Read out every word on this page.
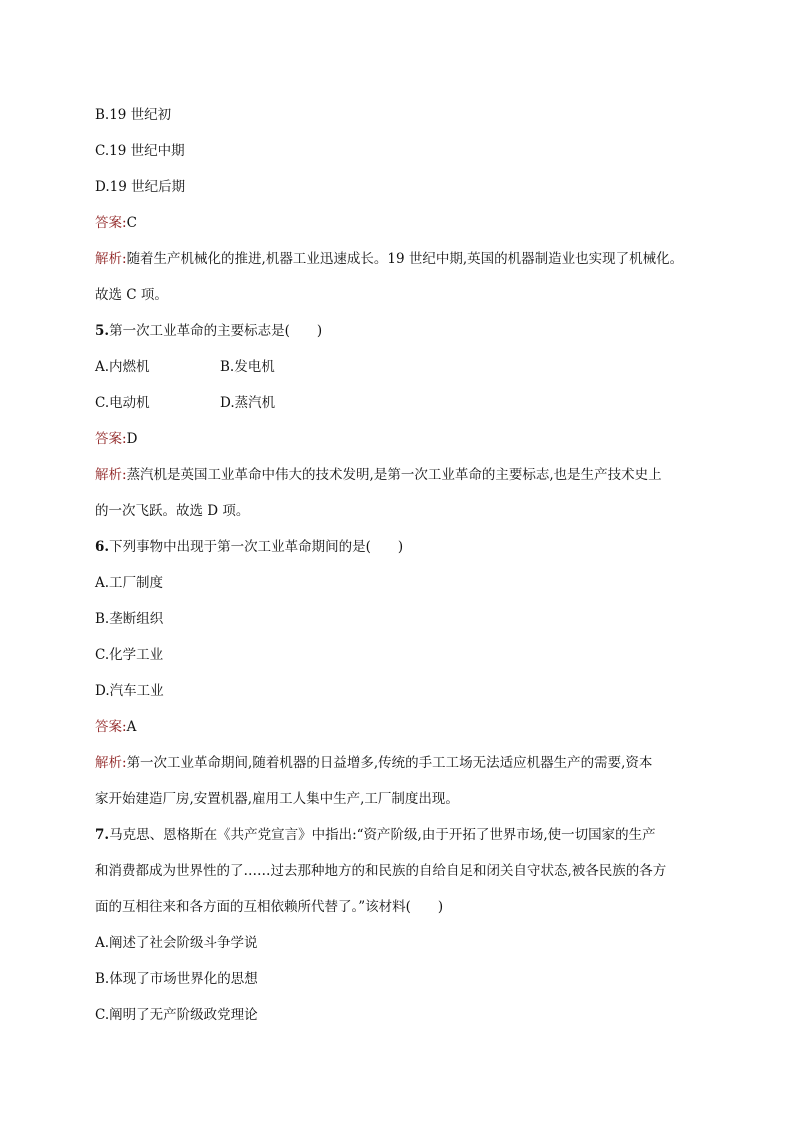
B.19 世纪初
C.19 世纪中期
D.19 世纪后期
答案:C
解析:随着生产机械化的推进,机器工业迅速成长。19 世纪中期,英国的机器制造业也实现了机械化。
故选 C 项。
5.第一次工业革命的主要标志是(　　)
A.内燃机	B.发电机
C.电动机	D.蒸汽机
答案:D
解析:蒸汽机是英国工业革命中伟大的技术发明,是第一次工业革命的主要标志,也是生产技术史上
的一次飞跃。故选 D 项。
6.下列事物中出现于第一次工业革命期间的是(　　)
A.工厂制度
B.垄断组织
C.化学工业
D.汽车工业
答案:A
解析:第一次工业革命期间,随着机器的日益增多,传统的手工工场无法适应机器生产的需要,资本
家开始建造厂房,安置机器,雇用工人集中生产,工厂制度出现。
7.马克思、恩格斯在《共产党宣言》中指出:“资产阶级,由于开拓了世界市场,使一切国家的生产
和消费都成为世界性的了……过去那种地方的和民族的自给自足和闭关自守状态,被各民族的各方
面的互相往来和各方面的互相依赖所代替了。”该材料(　　)
A.阐述了社会阶级斗争学说
B.体现了市场世界化的思想
C.阐明了无产阶级政党理论
